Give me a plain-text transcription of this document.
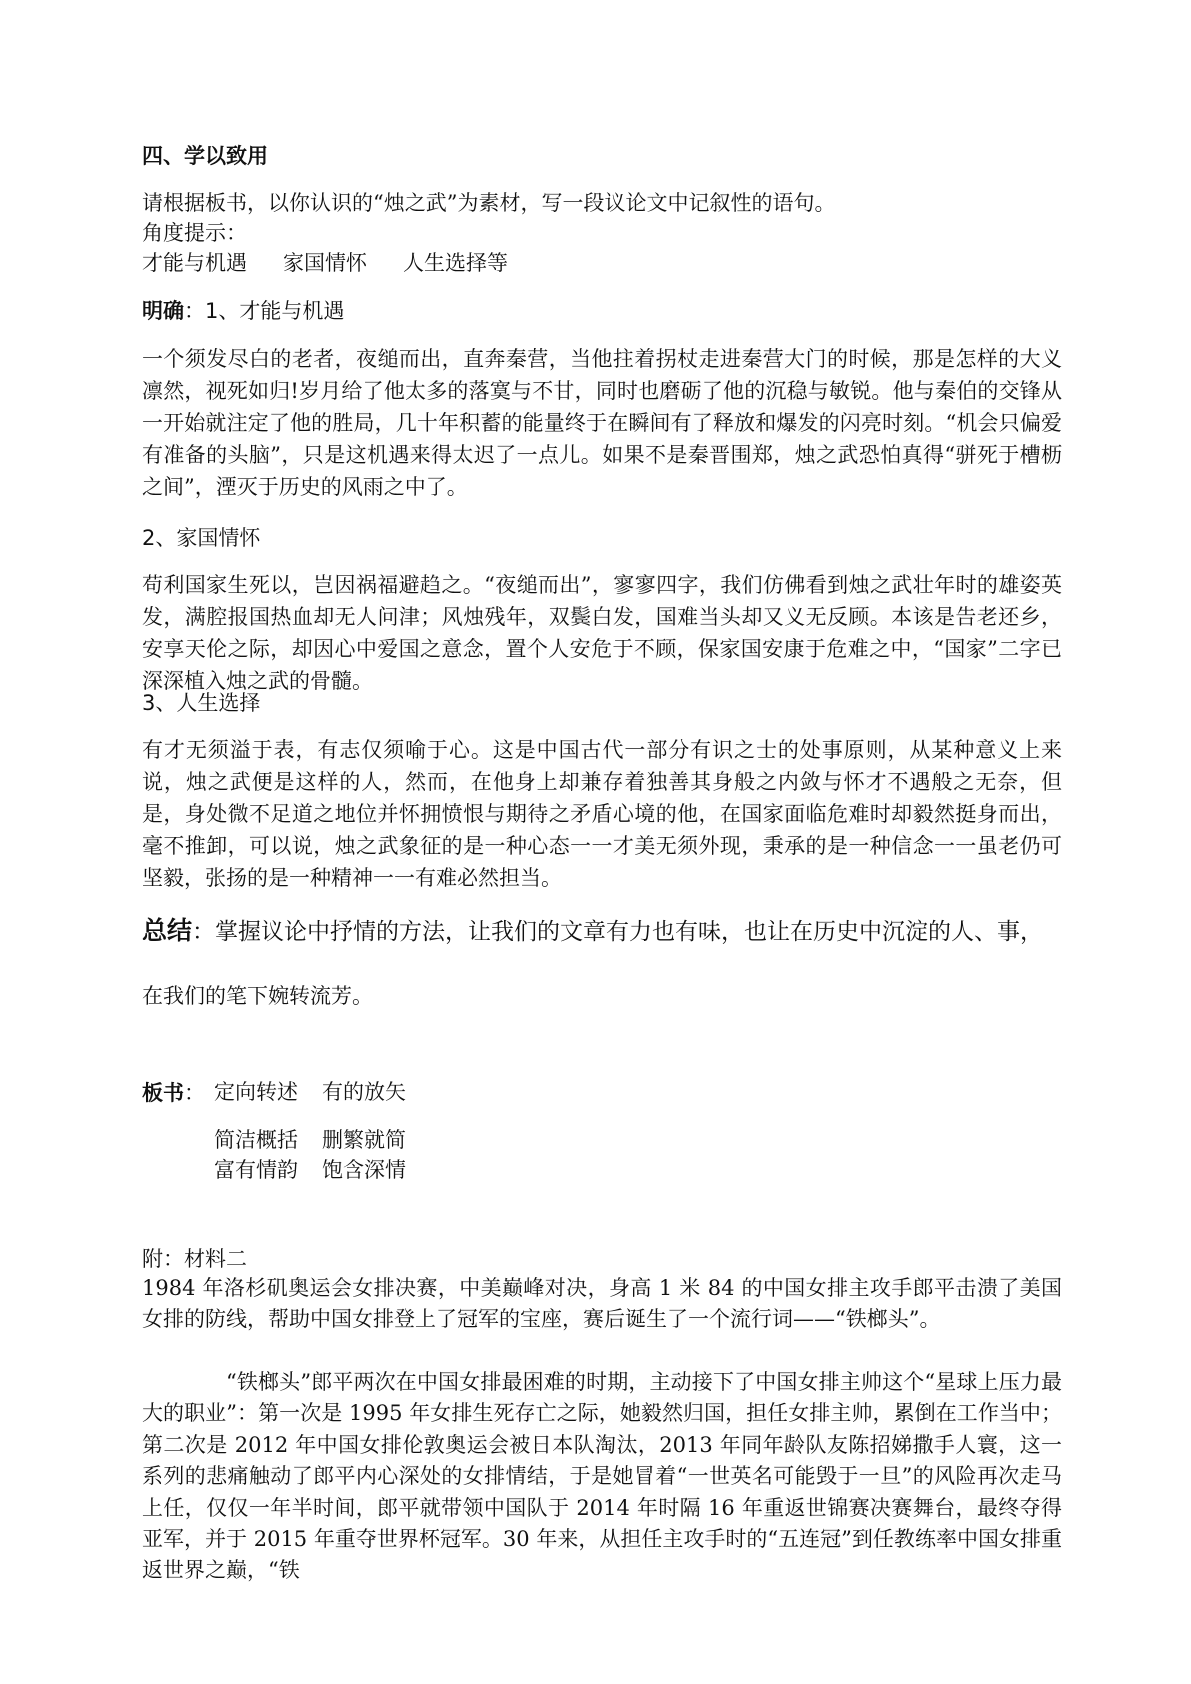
四、学以致用
请根据板书，以你认识的“烛之武”为素材，写一段议论文中记叙性的语句。
角度提示：
才能与机遇 家国情怀 人生选择等
明确：1、才能与机遇
一个须发尽白的老者，夜缒而出，直奔秦营，当他拄着拐杖走进秦营大门的时候，那是怎样的大义凛然，视死如归!岁月给了他太多的落寞与不甘，同时也磨砺了他的沉稳与敏锐。他与秦伯的交锋从一开始就注定了他的胜局，几十年积蓄的能量终于在瞬间有了释放和爆发的闪亮时刻。“机会只偏爱有准备的头脑”，只是这机遇来得太迟了一点儿。如果不是秦晋围郑，烛之武恐怕真得“骈死于槽枥之间”，湮灭于历史的风雨之中了。
2、家国情怀
苟利国家生死以，岂因祸福避趋之。“夜缒而出”，寥寥四字，我们仿佛看到烛之武壮年时的雄姿英发，满腔报国热血却无人问津；风烛残年，双鬓白发，国难当头却又义无反顾。本该是告老还乡，安享天伦之际，却因心中爱国之意念，置个人安危于不顾，保家国安康于危难之中，“国家”二字已深深植入烛之武的骨髓。
3、人生选择
有才无须溢于表，有志仅须喻于心。这是中国古代一部分有识之士的处事原则，从某种意义上来说，烛之武便是这样的人，然而，在他身上却兼存着独善其身般之内敛与怀才不遇般之无奈，但是，身处微不足道之地位并怀拥愤恨与期待之矛盾心境的他，在国家面临危难时却毅然挺身而出，毫不推卸，可以说，烛之武象征的是一种心态一一才美无须外现，秉承的是一种信念一一虽老仍可坚毅，张扬的是一种精神一一有难必然担当。
总结：掌握议论中抒情的方法，让我们的文章有力也有味，也让在历史中沉淀的人、事，
在我们的笔下婉转流芳。
板书： 定向转述 有的放矢
简洁概括 删繁就简
富有情韵 饱含深情
附：材料二
1984 年洛杉矶奥运会女排决赛，中美巅峰对决，身高 1 米 84 的中国女排主攻手郎平击溃了美国女排的防线，帮助中国女排登上了冠军的宝座，赛后诞生了一个流行词——“铁榔头”。
“铁榔头”郎平两次在中国女排最困难的时期，主动接下了中国女排主帅这个“星球上压力最大的职业”：第一次是 1995 年女排生死存亡之际，她毅然归国，担任女排主帅，累倒在工作当中；第二次是 2012 年中国女排伦敦奥运会被日本队淘汰，2013 年同年龄队友陈招娣撒手人寰，这一系列的悲痛触动了郎平内心深处的女排情结，于是她冒着“一世英名可能毁于一旦”的风险再次走马上任，仅仅一年半时间，郎平就带领中国队于 2014 年时隔 16 年重返世锦赛决赛舞台，最终夺得亚军，并于 2015 年重夺世界杯冠军。30 年来，从担任主攻手时的“五连冠”到任教练率中国女排重返世界之巅，“铁
